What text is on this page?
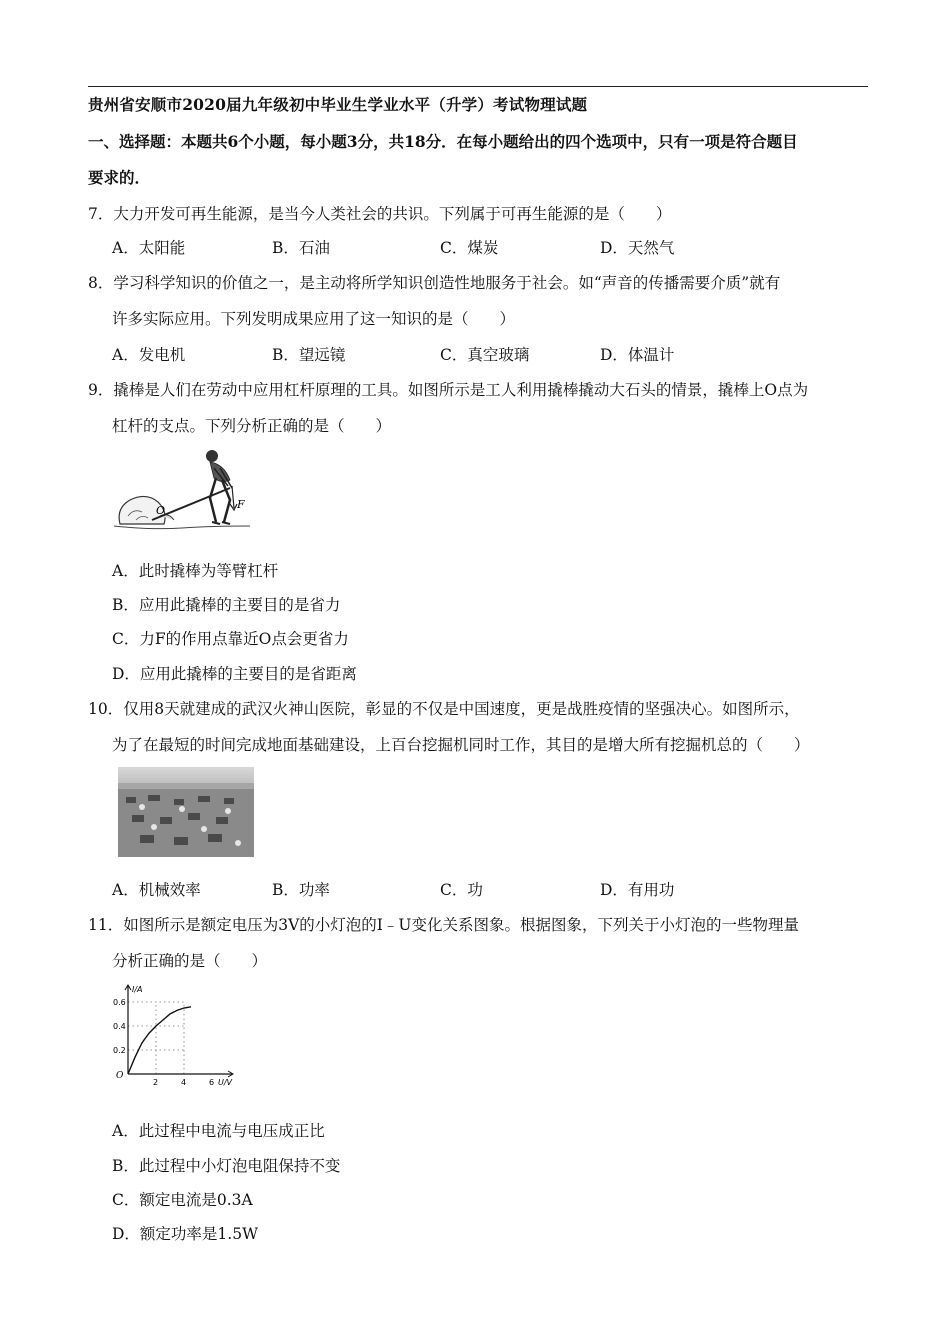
贵州省安顺市2020届九年级初中毕业生学业水平（升学）考试物理试题
一、选择题：本题共6个小题，每小题3分，共18分．在每小题给出的四个选项中，只有一项是符合题目
要求的．
7．大力开发可再生能源，是当今人类社会的共识。下列属于可再生能源的是（　　）
A．太阳能	B．石油	C．煤炭	D．天然气
8．学习科学知识的价值之一，是主动将所学知识创造性地服务于社会。如“声音的传播需要介质”就有
许多实际应用。下列发明成果应用了这一知识的是（　　）
A．发电机	B．望远镜	C．真空玻璃	D．体温计
9．撬棒是人们在劳动中应用杠杆原理的工具。如图所示是工人利用撬棒撬动大石头的情景，撬棒上O点为
杠杆的支点。下列分析正确的是（　　）
O	F
A．此时撬棒为等臂杠杆
B．应用此撬棒的主要目的是省力
C．力F的作用点靠近O点会更省力
D．应用此撬棒的主要目的是省距离
10．仅用8天就建成的武汉火神山医院，彰显的不仅是中国速度，更是战胜疫情的坚强决心。如图所示，
为了在最短的时间完成地面基础建设，上百台挖掘机同时工作，其目的是增大所有挖掘机总的（　　）
A．机械效率	B．功率	C．功	D．有用功
11．如图所示是额定电压为3V的小灯泡的I﹣U变化关系图象。根据图象，下列关于小灯泡的一些物理量
分析正确的是（　　）
2	4	6
0.2
0.4
0.6
O
U/V
I/A
A．此过程中电流与电压成正比
B．此过程中小灯泡电阻保持不变
C．额定电流是0.3A
D．额定功率是1.5W
